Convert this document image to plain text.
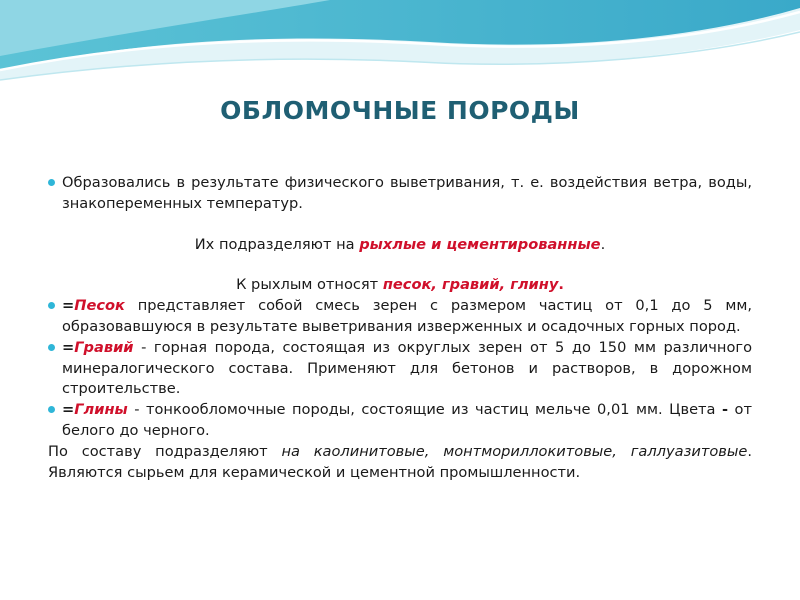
ОБЛОМОЧНЫЕ ПОРОДЫ

Образовались в результате физического выветривания, т. е. воздействия ветра, воды, знакопеременных температур.

Их подразделяют на рыхлые и цементированные.

К рыхлым относят песок, гравий, глину.

=Песок представляет собой смесь зерен с размером частиц от 0,1 до 5 мм, образовавшуюся в результате выветривания изверженных и осадочных горных пород.

=Гравий - горная порода, состоящая из округлых зерен от 5 до 150 мм различного минералогического состава. Применяют для бетонов и растворов, в дорожном строительстве.

=Глины - тонкообломочные породы, состоящие из частиц мельче 0,01 мм. Цвета - от белого до черного.

По составу подразделяют на каолинитовые, монтмориллокитовые, галлуазитовые. Являются сырьем для керамической и цементной промышленности.
